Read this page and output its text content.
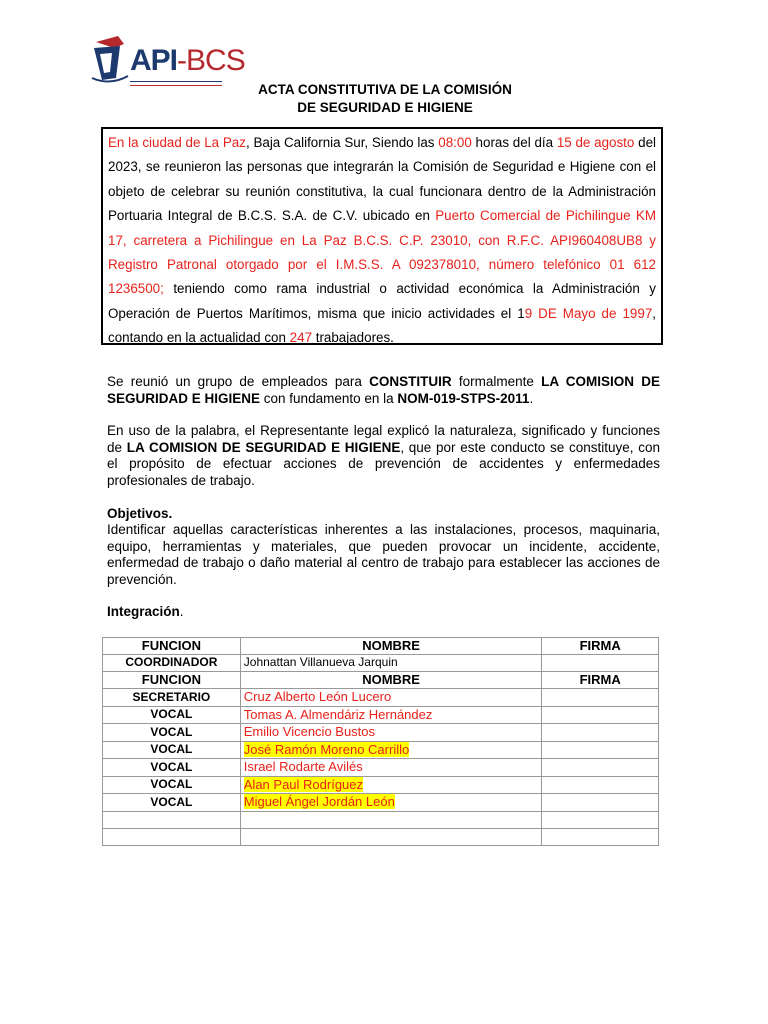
API-BCS
ACTA CONSTITUTIVA DE LA COMISIÓN
DE SEGURIDAD E HIGIENE
En la ciudad de La Paz, Baja California Sur, Siendo las 08:00 horas del día 15 de agosto del 2023, se reunieron las personas que integrarán la Comisión de Seguridad e Higiene con el objeto de celebrar su reunión constitutiva, la cual funcionara dentro de la Administración Portuaria Integral de B.C.S. S.A. de C.V. ubicado en Puerto Comercial de Pichilingue KM 17, carretera a Pichilingue en La Paz B.C.S. C.P. 23010, con R.F.C. API960408UB8 y Registro Patronal otorgado por el I.M.S.S. A 092378010, número telefónico 01 612 1236500; teniendo como rama industrial o actividad económica la Administración y Operación de Puertos Marítimos, misma que inicio actividades el 19 DE Mayo de 1997, contando en la actualidad con 247 trabajadores.
Se reunió un grupo de empleados para CONSTITUIR formalmente LA COMISION DE SEGURIDAD E HIGIENE con fundamento en la NOM-019-STPS-2011.
En uso de la palabra, el Representante legal explicó la naturaleza, significado y funciones de LA COMISION DE SEGURIDAD E HIGIENE, que por este conducto se constituye, con el propósito de efectuar acciones de prevención de accidentes y enfermedades profesionales de trabajo.
Objetivos.
Identificar aquellas características inherentes a las instalaciones, procesos, maquinaria, equipo, herramientas y materiales, que pueden provocar un incidente, accidente, enfermedad de trabajo o daño material al centro de trabajo para establecer las acciones de prevención.
Integración.
FUNCION	NOMBRE	FIRMA
COORDINADOR	Johnattan Villanueva Jarquin	
FUNCION	NOMBRE	FIRMA
SECRETARIO	Cruz Alberto León Lucero	
VOCAL	Tomas A. Almendáriz Hernández	
VOCAL	Emilio Vicencio Bustos	
VOCAL	José Ramón Moreno Carrillo	
VOCAL	Israel Rodarte Avilés	
VOCAL	Alan Paul Rodríguez	
VOCAL	Miguel Ángel Jordán León	
